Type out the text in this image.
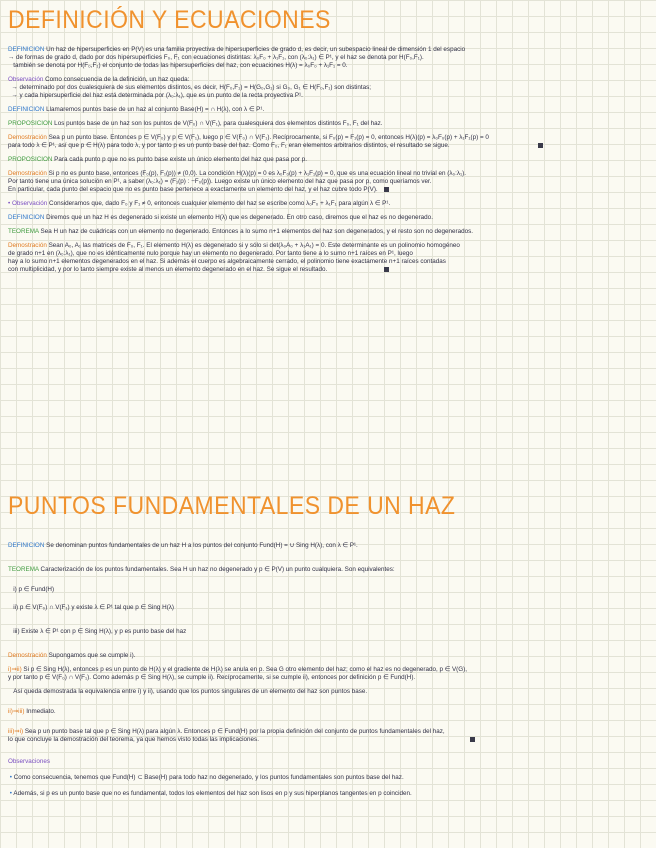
DEFINICIÓN Y ECUACIONES
DEFINICIÓN Un haz de hipersuperficies en P(V) es una familia proyectiva de hipersuperficies de grado d, es decir, un subespacio lineal de dimensión 1 del espacio
→ de formas de grado d, dado por dos hipersuperficies F₀, F₁ con ecuaciones distintas: λ₀F₀ + λ₁F₁, con (λ₀:λ₁) ∈ P¹, y el haz se denota por H(F₀,F₁).
también se denota por H(F₀,F₁) el conjunto de todas las hipersuperficies del haz, con ecuaciones H(λ) = λ₀F₀ + λ₁F₁ = 0.
Observación Como consecuencia de la definición, un haz queda:
→ determinado por dos cualesquiera de sus elementos distintos, es decir, H(F₀,F₁) = H(G₀,G₁) si G₀, G₁ ∈ H(F₀,F₁) son distintas;
→ y cada hipersuperficie del haz está determinada por (λ₀:λ₁), que es un punto de la recta proyectiva P¹.
DEFINICIÓN Llamaremos puntos base de un haz al conjunto Base(H) = ∩ H(λ), con λ ∈ P¹.
PROPOSICIÓN Los puntos base de un haz son los puntos de V(F₀) ∩ V(F₁), para cualesquiera dos elementos distintos F₀, F₁ del haz.
Demostración Sea p un punto base. Entonces p ∈ V(F₀) y p ∈ V(F₁), luego p ∈ V(F₀) ∩ V(F₁). Recíprocamente, si F₀(p) = F₁(p) = 0, entonces H(λ)(p) = λ₀F₀(p) + λ₁F₁(p) = 0
para todo λ ∈ P¹, así que p ∈ H(λ) para todo λ, y por tanto p es un punto base del haz. Como F₀, F₁ eran elementos arbitrarios distintos, el resultado se sigue.
PROPOSICIÓN Para cada punto p que no es punto base existe un único elemento del haz que pasa por p.
Demostración Si p no es punto base, entonces (F₀(p), F₁(p)) ≠ (0,0). La condición H(λ)(p) = 0 es λ₀F₀(p) + λ₁F₁(p) = 0, que es una ecuación lineal no trivial en (λ₀:λ₁).
Por tanto tiene una única solución en P¹, a saber (λ₀:λ₁) = (F₁(p) : −F₀(p)). Luego existe un único elemento del haz que pasa por p, como queríamos ver.
En particular, cada punto del espacio que no es punto base pertenece a exactamente un elemento del haz, y el haz cubre todo P(V).
• Observación Consideramos que, dado F₀ y F₁ ≠ 0, entonces cualquier elemento del haz se escribe como λ₀F₀ + λ₁F₁ para algún λ ∈ P¹.
DEFINICIÓN Diremos que un haz H es degenerado si existe un elemento H(λ) que es degenerado. En otro caso, diremos que el haz es no degenerado.
TEOREMA Sea H un haz de cuádricas con un elemento no degenerado. Entonces a lo sumo n+1 elementos del haz son degenerados, y el resto son no degenerados.
Demostración Sean A₀, A₁ las matrices de F₀, F₁. El elemento H(λ) es degenerado si y sólo si det(λ₀A₀ + λ₁A₁) = 0. Este determinante es un polinomio homogéneo
de grado n+1 en (λ₀:λ₁), que no es idénticamente nulo porque hay un elemento no degenerado. Por tanto tiene a lo sumo n+1 raíces en P¹, luego
hay a lo sumo n+1 elementos degenerados en el haz. Si además el cuerpo es algebraicamente cerrado, el polinomio tiene exactamente n+1 raíces contadas
con multiplicidad, y por lo tanto siempre existe al menos un elemento degenerado en el haz. Se sigue el resultado.
PUNTOS FUNDAMENTALES DE UN HAZ
DEFINICIÓN Se denominan puntos fundamentales de un haz H a los puntos del conjunto Fund(H) = ∪ Sing H(λ), con λ ∈ P¹.
TEOREMA Caracterización de los puntos fundamentales. Sea H un haz no degenerado y p ∈ P(V) un punto cualquiera. Son equivalentes:
i) p ∈ Fund(H)
ii) p ∈ V(F₀) ∩ V(F₁) y existe λ ∈ P¹ tal que p ∈ Sing H(λ)
iii) Existe λ ∈ P¹ con p ∈ Sing H(λ), y p es punto base del haz
Demostración Supongamos que se cumple i).
i)⇒ii) Si p ∈ Sing H(λ), entonces p es un punto de H(λ) y el gradiente de H(λ) se anula en p. Sea G otro elemento del haz; como el haz es no degenerado, p ∈ V(G),
y por tanto p ∈ V(F₀) ∩ V(F₁). Como además p ∈ Sing H(λ), se cumple ii). Recíprocamente, si se cumple ii), entonces por definición p ∈ Fund(H).
Así queda demostrada la equivalencia entre i) y ii), usando que los puntos singulares de un elemento del haz son puntos base.
ii)⇒iii) Inmediato.
iii)⇒i) Sea p un punto base tal que p ∈ Sing H(λ) para algún λ. Entonces p ∈ Fund(H) por la propia definición del conjunto de puntos fundamentales del haz,
lo que concluye la demostración del teorema, ya que hemos visto todas las implicaciones.
Observaciones
• Como consecuencia, tenemos que Fund(H) ⊂ Base(H) para todo haz no degenerado, y los puntos fundamentales son puntos base del haz.
• Además, si p es un punto base que no es fundamental, todos los elementos del haz son lisos en p y sus hiperplanos tangentes en p coinciden.
